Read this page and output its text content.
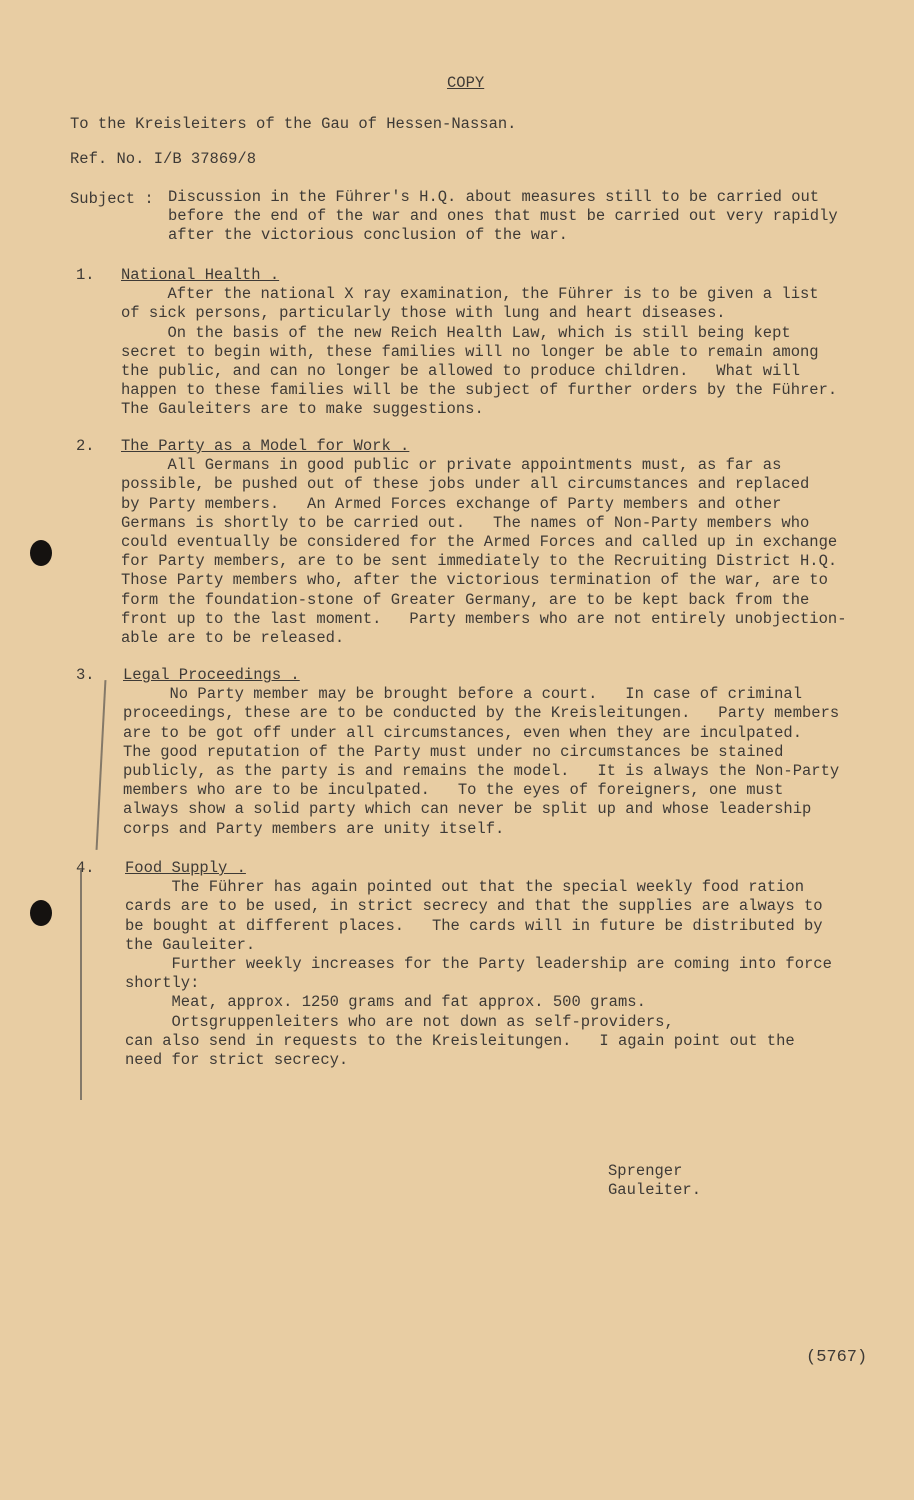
COPY
To the Kreisleiters of the Gau of Hessen-Nassan.
Ref. No. I/B 37869/8
Subject : Discussion in the Führer's H.Q. about measures still to be carried out
before the end of the war and ones that must be carried out very rapidly
after the victorious conclusion of the war.
1. National Health .
After the national X ray examination, the Führer is to be given a list
of sick persons, particularly those with lung and heart diseases.
On the basis of the new Reich Health Law, which is still being kept
secret to begin with, these families will no longer be able to remain among
the public, and can no longer be allowed to produce children.   What will
happen to these families will be the subject of further orders by the Führer.
The Gauleiters are to make suggestions.
2. The Party as a Model for Work .
All Germans in good public or private appointments must, as far as
possible, be pushed out of these jobs under all circumstances and replaced
by Party members.   An Armed Forces exchange of Party members and other
Germans is shortly to be carried out.   The names of Non-Party members who
could eventually be considered for the Armed Forces and called up in exchange
for Party members, are to be sent immediately to the Recruiting District H.Q.
Those Party members who, after the victorious termination of the war, are to
form the foundation-stone of Greater Germany, are to be kept back from the
front up to the last moment.   Party members who are not entirely unobjection-
able are to be released.
3. Legal Proceedings .
No Party member may be brought before a court.   In case of criminal
proceedings, these are to be conducted by the Kreisleitungen.   Party members
are to be got off under all circumstances, even when they are inculpated.
The good reputation of the Party must under no circumstances be stained
publicly, as the party is and remains the model.   It is always the Non-Party
members who are to be inculpated.   To the eyes of foreigners, one must
always show a solid party which can never be split up and whose leadership
corps and Party members are unity itself.
4. Food Supply .
The Führer has again pointed out that the special weekly food ration
cards are to be used, in strict secrecy and that the supplies are always to
be bought at different places.   The cards will in future be distributed by
the Gauleiter.
Further weekly increases for the Party leadership are coming into force
shortly:
Meat, approx. 1250 grams and fat approx. 500 grams.
Ortsgruppenleiters who are not down as self-providers,
can also send in requests to the Kreisleitungen.   I again point out the
need for strict secrecy.
Sprenger
Gauleiter.
(5767)
